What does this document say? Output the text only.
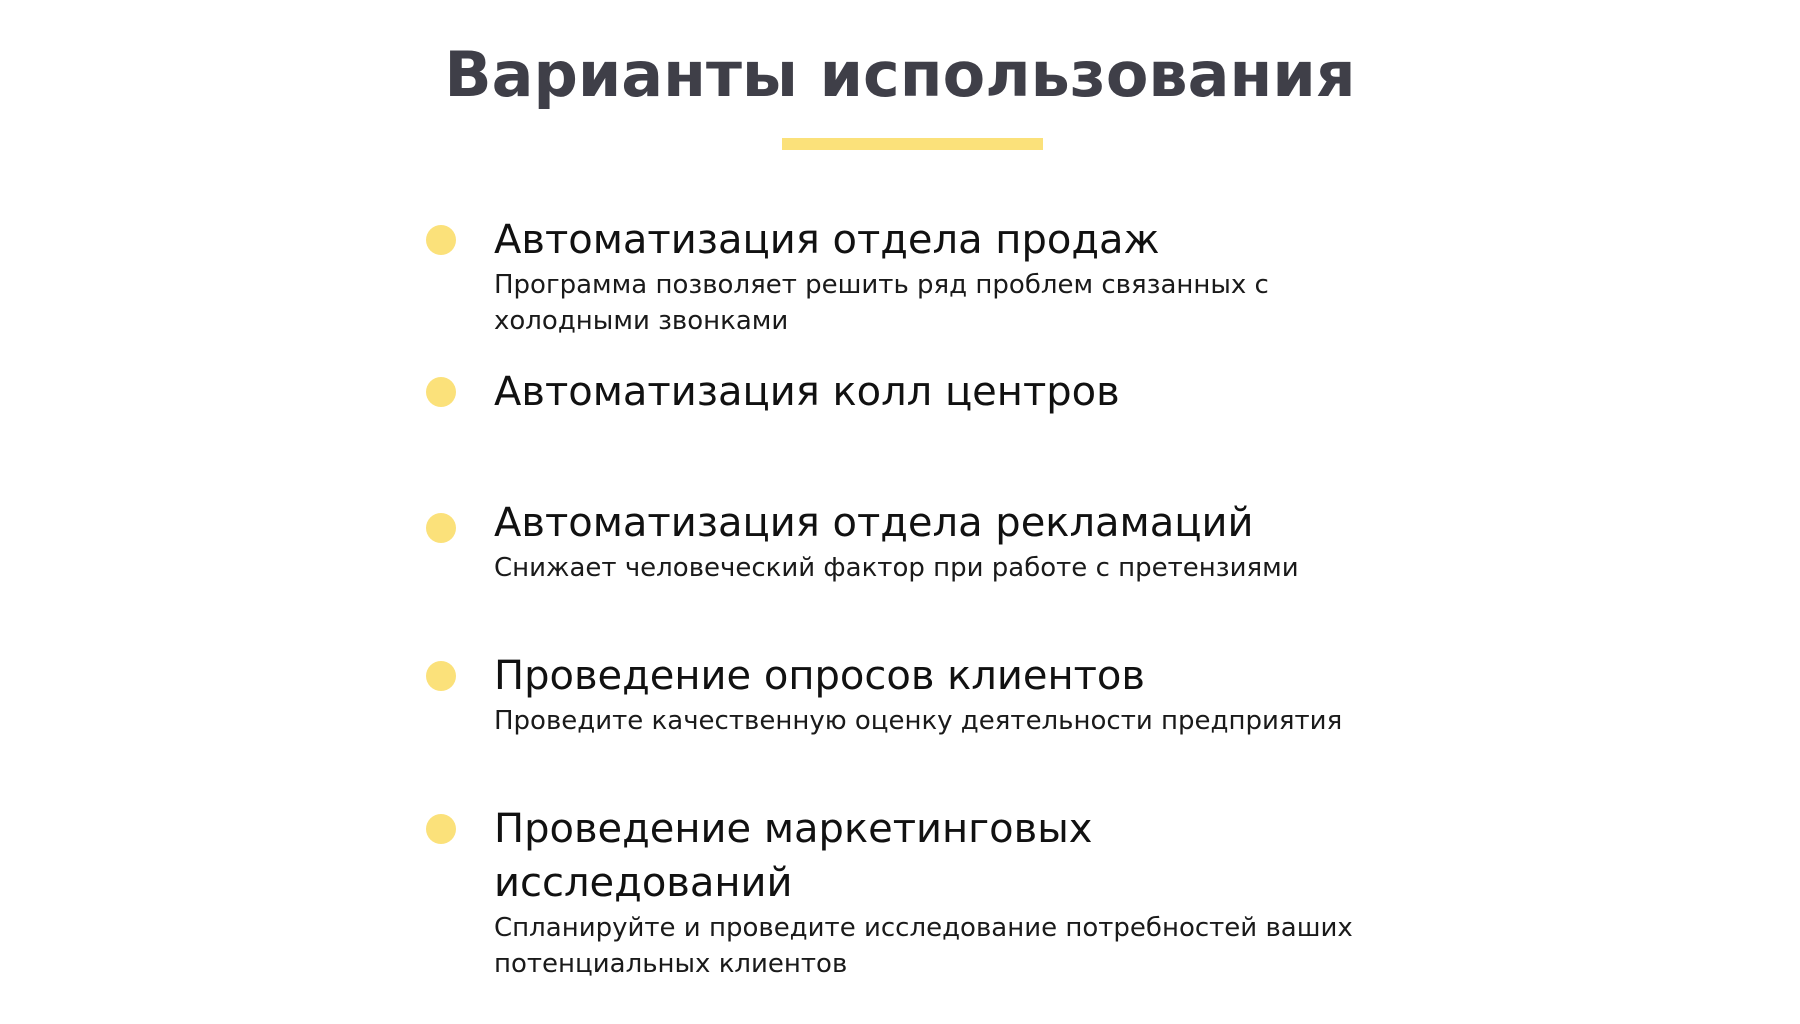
Варианты использования
Автоматизация отдела продаж

Программа позволяет решить ряд проблем связанных с холодными звонками

Автоматизация колл центров
Автоматизация отдела рекламаций

Снижает человеческий фактор при работе с претензиями

Проведение опросов клиентов

Проведите качественную оценку деятельности предприятия

Проведение маркетинговых исследований

Спланируйте и проведите исследование потребностей ваших потенциальных клиентов
